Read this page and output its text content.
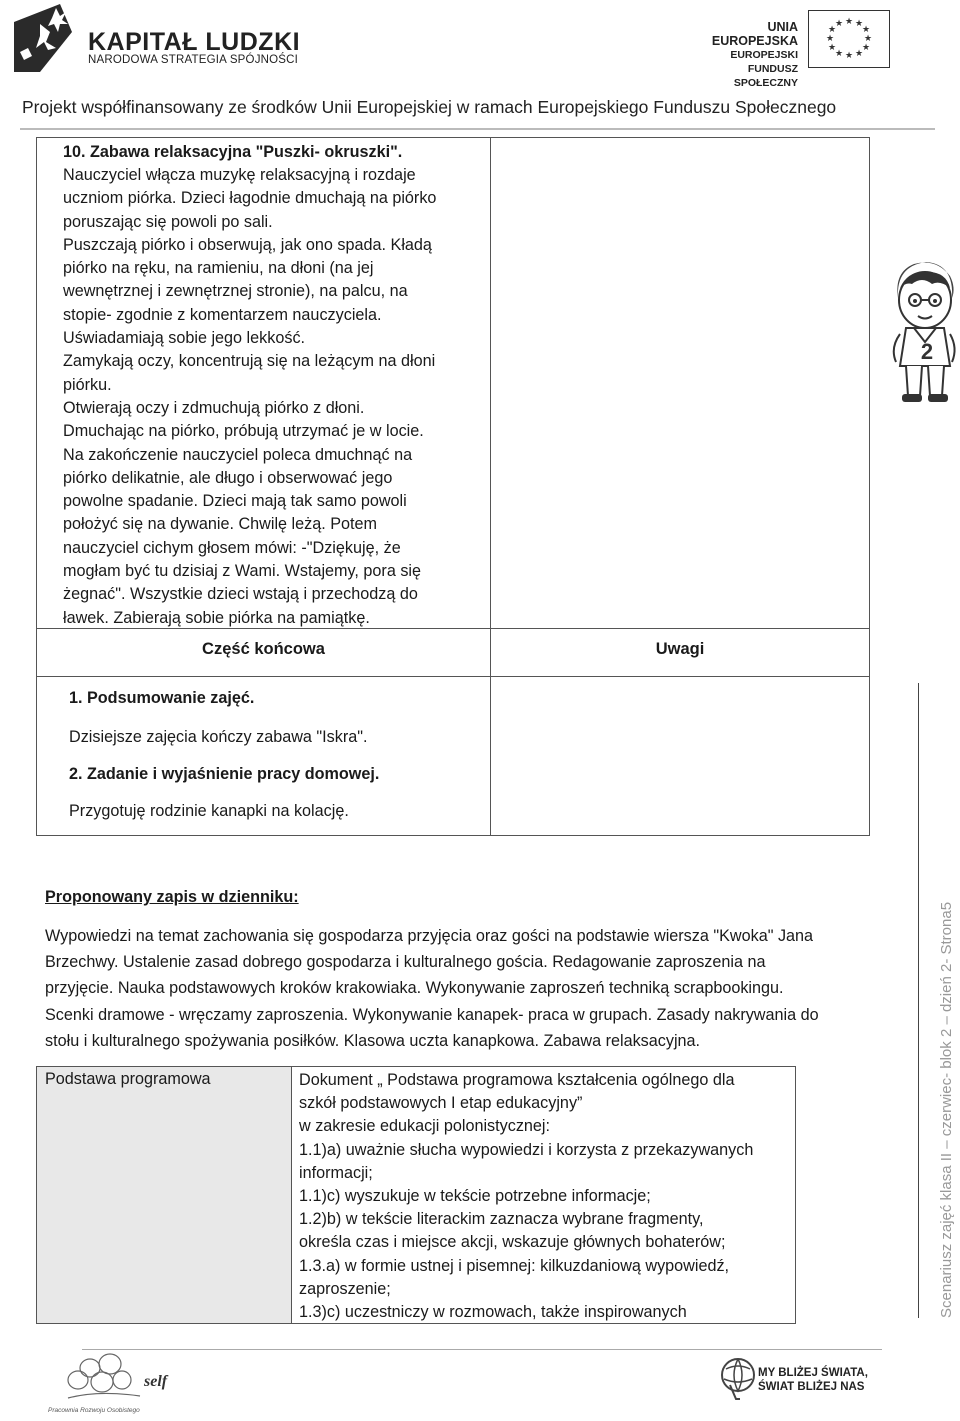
KAPITAŁ LUDZKI
NARODOWA STRATEGIA SPÓJNOŚCI
UNIA EUROPEJSKA
EUROPEJSKI
FUNDUSZ SPOŁECZNY
★ ★
★
★
★
★
★
★
★
★
★
★
Projekt współfinansowany ze środków Unii Europejskiej w ramach Europejskiego Funduszu Społecznego
10. Zabawa relaksacyjna "Puszki- okruszki".
Nauczyciel włącza muzykę relaksacyjną i rozdaje
uczniom piórka. Dzieci łagodnie dmuchają na piórko
poruszając się powoli po sali.
Puszczają piórko i obserwują, jak ono spada. Kładą
piórko na ręku, na ramieniu, na dłoni (na jej
wewnętrznej i zewnętrznej stronie), na palcu, na
stopie- zgodnie z komentarzem nauczyciela.
Uświadamiają sobie jego lekkość.
Zamykają oczy, koncentrują się na leżącym na dłoni
piórku.
Otwierają oczy i zdmuchują piórko z dłoni.
Dmuchając na piórko, próbują utrzymać je w locie.
Na zakończenie nauczyciel poleca dmuchnąć na
piórko delikatnie, ale długo i obserwować jego
powolne spadanie. Dzieci mają tak samo powoli
położyć się na dywanie. Chwilę leżą. Potem
nauczyciel cichym głosem mówi: -"Dziękuję, że
mogłam być tu dzisiaj z Wami. Wstajemy, pora się
żegnać". Wszystkie dzieci wstają i przechodzą do
ławek. Zabierają sobie piórka na pamiątkę.
Część końcowa	Uwagi
1. Podsumowanie zajęć.
Dzisiejsze zajęcia kończy zabawa "Iskra".
2. Zadanie i wyjaśnienie pracy domowej.
Przygotuję rodzinie kanapki na kolację.
2
Proponowany zapis w dzienniku:
Wypowiedzi na temat zachowania się gospodarza przyjęcia oraz gości na podstawie wiersza "Kwoka" Jana
Brzechwy. Ustalenie zasad dobrego gospodarza i kulturalnego gościa. Redagowanie zaproszenia na
przyjęcie. Nauka podstawowych kroków krakowiaka. Wykonywanie zaproszeń techniką scrapbookingu.
Scenki dramowe - wręczamy zaproszenia. Wykonywanie kanapek- praca w grupach. Zasady nakrywania do
stołu i kulturalnego spożywania posiłków. Klasowa uczta kanapkowa. Zabawa relaksacyjna.
Podstawa programowa	Dokument „ Podstawa programowa kształcenia ogólnego dla
szkół podstawowych I etap edukacyjny”
w zakresie edukacji polonistycznej:
1.1)a) uważnie słucha wypowiedzi i korzysta z przekazywanych
informacji;
1.1)c) wyszukuje w tekście potrzebne informacje;
1.2)b) w tekście literackim zaznacza wybrane fragmenty,
określa czas i miejsce akcji, wskazuje głównych bohaterów;
1.3.a) w formie ustnej i pisemnej: kilkuzdaniową wypowiedź,
zaproszenie;
1.3)c) uczestniczy w rozmowach, także inspirowanych	Scenariusz zajęć klasa II – czerwiec- blok 2 – dzień 2- Strona5
self
Pracownia Rozwoju Osobistego
MY BLIŻEJ ŚWIATA,
ŚWIAT BLIŻEJ NAS
